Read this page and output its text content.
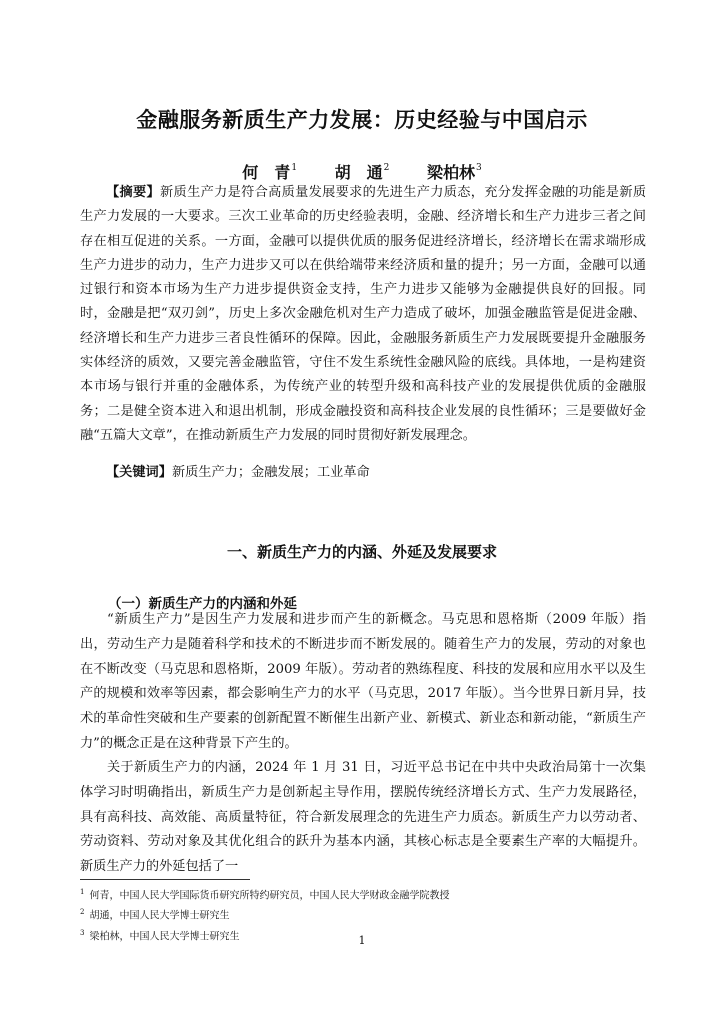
金融服务新质生产力发展：历史经验与中国启示
何　青$^1$ 胡　通$^2$ 梁柏林$^3$
【摘要】新质生产力是符合高质量发展要求的先进生产力质态，充分发挥金融的功能是新质生产力发展的一大要求。三次工业革命的历史经验表明，金融、经济增长和生产力进步三者之间存在相互促进的关系。一方面，金融可以提供优质的服务促进经济增长，经济增长在需求端形成生产力进步的动力，生产力进步又可以在供给端带来经济质和量的提升；另一方面，金融可以通过银行和资本市场为生产力进步提供资金支持，生产力进步又能够为金融提供良好的回报。同时，金融是把“双刃剑”，历史上多次金融危机对生产力造成了破坏，加强金融监管是促进金融、经济增长和生产力进步三者良性循环的保障。因此，金融服务新质生产力发展既要提升金融服务实体经济的质效，又要完善金融监管，守住不发生系统性金融风险的底线。具体地，一是构建资本市场与银行并重的金融体系，为传统产业的转型升级和高科技产业的发展提供优质的金融服务；二是健全资本进入和退出机制，形成金融投资和高科技企业发展的良性循环；三是要做好金融“五篇大文章”，在推动新质生产力发展的同时贯彻好新发展理念。
【关键词】新质生产力；金融发展；工业革命
一、新质生产力的内涵、外延及发展要求
（一）新质生产力的内涵和外延

“新质生产力”是因生产力发展和进步而产生的新概念。马克思和恩格斯（2009 年版）指出，劳动生产力是随着科学和技术的不断进步而不断发展的。随着生产力的发展，劳动的对象也在不断改变（马克思和恩格斯，2009 年版）。劳动者的熟练程度、科技的发展和应用水平以及生产的规模和效率等因素，都会影响生产力的水平（马克思，2017 年版）。当今世界日新月异，技术的革命性突破和生产要素的创新配置不断催生出新产业、新模式、新业态和新动能，“新质生产力”的概念正是在这种背景下产生的。

关于新质生产力的内涵，2024 年 1 月 31 日，习近平总书记在中共中央政治局第十一次集体学习时明确指出，新质生产力是创新起主导作用，摆脱传统经济增长方式、生产力发展路径，具有高科技、高效能、高质量特征，符合新发展理念的先进生产力质态。新质生产力以劳动者、劳动资料、劳动对象及其优化组合的跃升为基本内涵，其核心标志是全要素生产率的大幅提升。新质生产力的外延包括了一

$^1$ 何青，中国人民大学国际货币研究所特约研究员，中国人民大学财政金融学院教授
$^2$ 胡通，中国人民大学博士研究生
$^3$ 梁柏林，中国人民大学博士研究生	1
